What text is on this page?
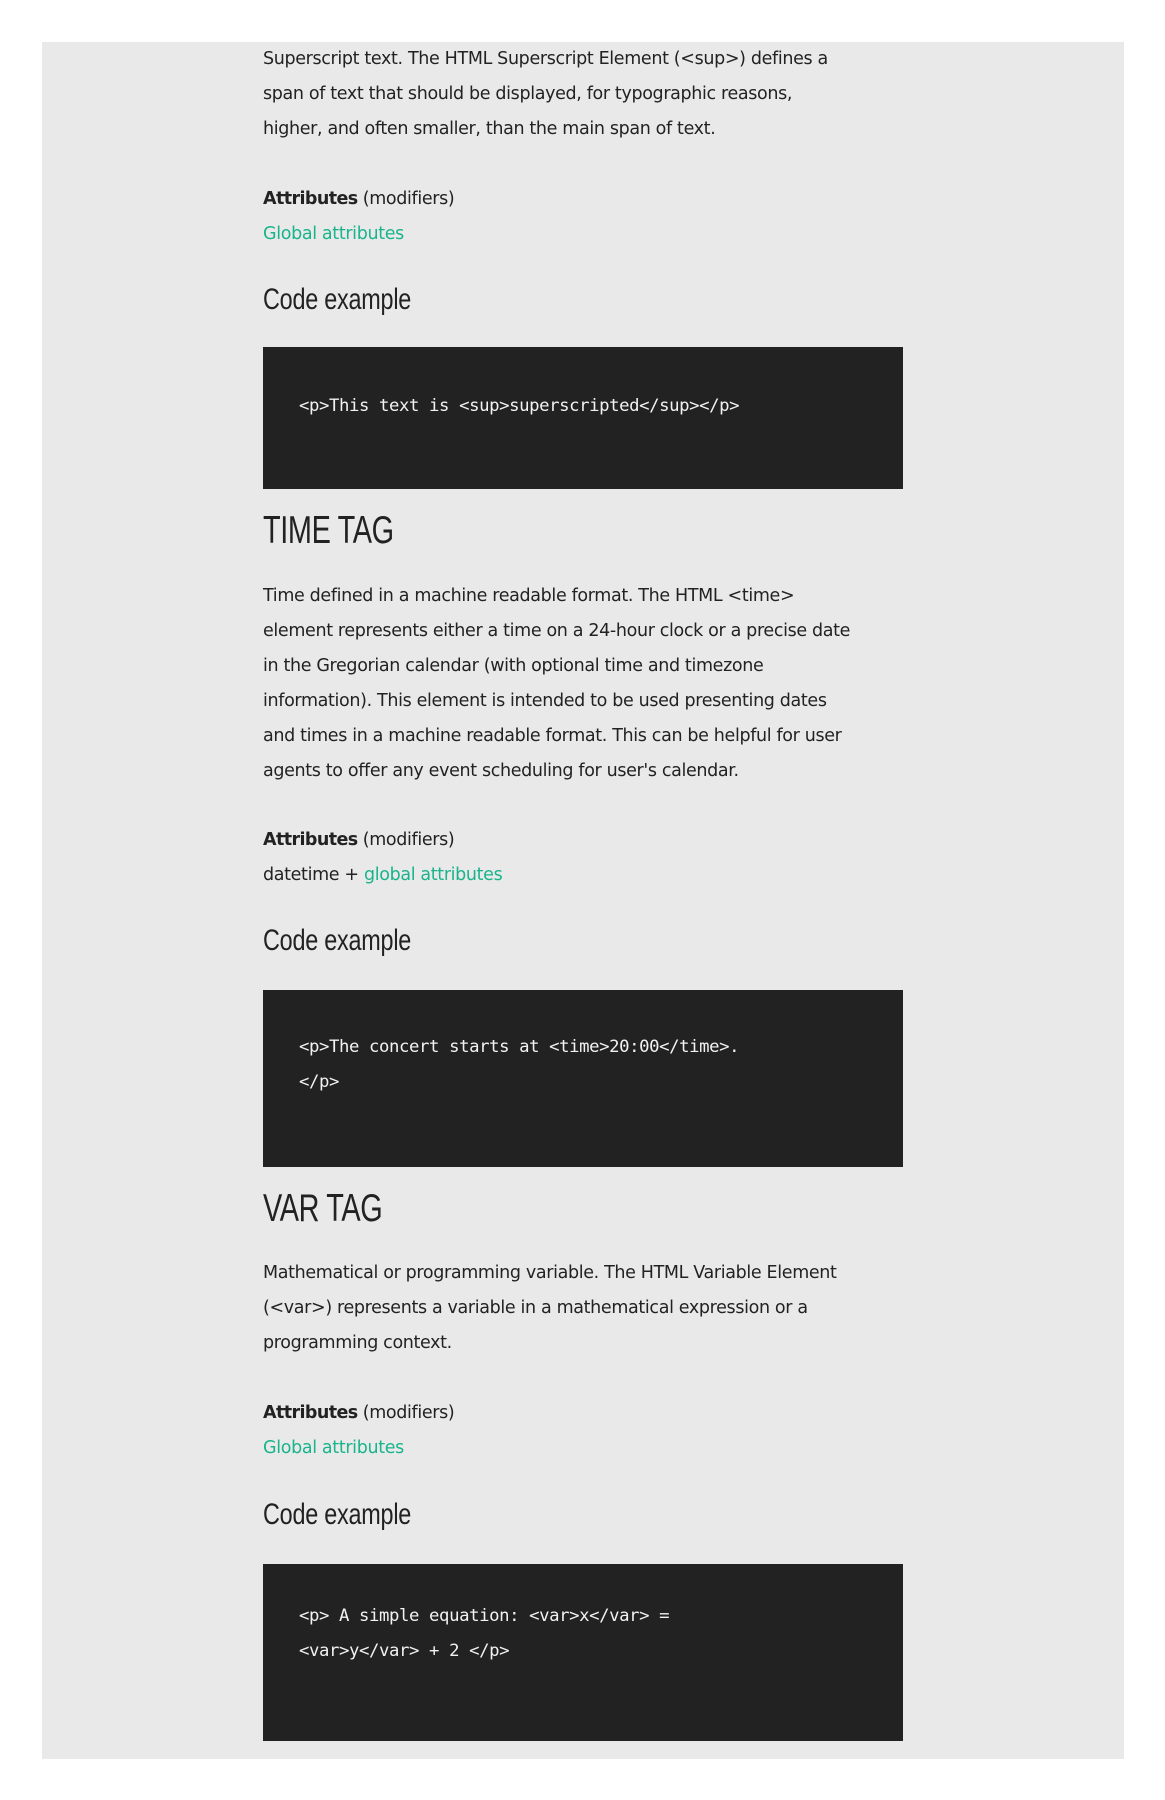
Superscript text. The HTML Superscript Element (<sup>) defines a

span of text that should be displayed, for typographic reasons,

higher, and often smaller, than the main span of text.

Attributes (modifiers)
Global attributes
Code example
<p>This text is <sup>superscripted</sup></p>
TIME TAG

Time defined in a machine readable format. The HTML <time>

element represents either a time on a 24-hour clock or a precise date

in the Gregorian calendar (with optional time and timezone

information). This element is intended to be used presenting dates

and times in a machine readable format. This can be helpful for user

agents to offer any event scheduling for user's calendar.

Attributes (modifiers)
datetime + global attributes
Code example
<p>The concert starts at <time>20:00</time>.
</p>
VAR TAG

Mathematical or programming variable. The HTML Variable Element

(<var>) represents a variable in a mathematical expression or a

programming context.

Attributes (modifiers)
Global attributes
Code example
<p> A simple equation: <var>x</var> =
<var>y</var> + 2 </p>
